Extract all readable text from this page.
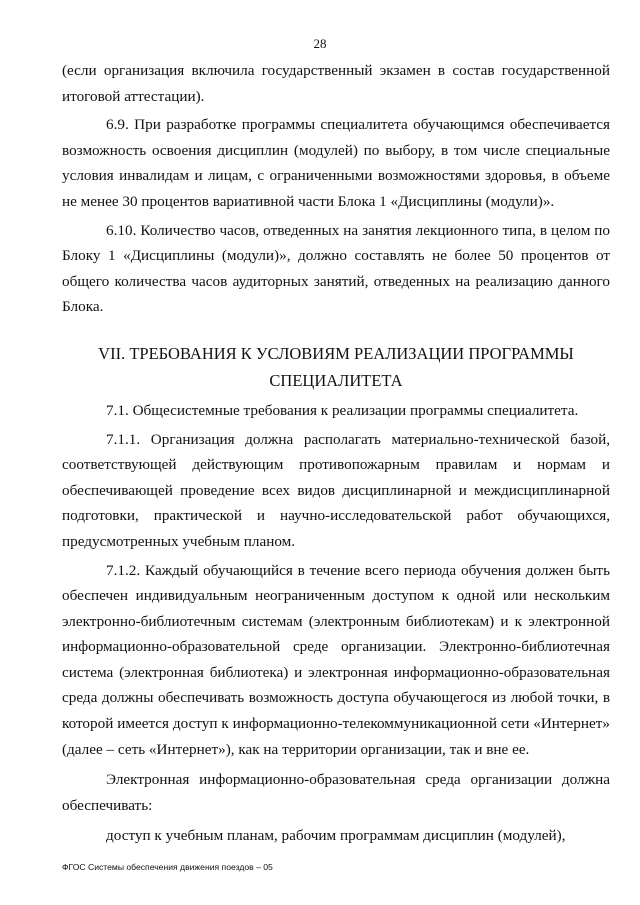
28

(если организация включила государственный экзамен в состав государственной итоговой аттестации).

6.9. При разработке программы специалитета обучающимся обеспечивается возможность освоения дисциплин (модулей) по выбору, в том числе специальные условия инвалидам и лицам, с ограниченными возможностями здоровья, в объеме не менее 30 процентов вариативной части Блока 1 «Дисциплины (модули)».

6.10. Количество часов, отведенных на занятия лекционного типа, в целом по Блоку 1 «Дисциплины (модули)», должно составлять не более 50 процентов от общего количества часов аудиторных занятий, отведенных на реализацию данного Блока.

VII. ТРЕБОВАНИЯ К УСЛОВИЯМ РЕАЛИЗАЦИИ ПРОГРАММЫ
СПЕЦИАЛИТЕТА

7.1. Общесистемные требования к реализации программы специалитета.

7.1.1. Организация должна располагать материально-технической базой, соответствующей действующим противопожарным правилам и нормам и обеспечивающей проведение всех видов дисциплинарной и междисциплинарной подготовки, практической и научно-исследовательской работ обучающихся, предусмотренных учебным планом.

7.1.2. Каждый обучающийся в течение всего периода обучения должен быть обеспечен индивидуальным неограниченным доступом к одной или нескольким электронно-библиотечным системам (электронным библиотекам) и к электронной информационно-образовательной среде организации. Электронно-библиотечная система (электронная библиотека) и электронная информационно-образовательная среда должны обеспечивать возможность доступа обучающегося из любой точки, в которой имеется доступ к информационно-телекоммуникационной сети «Интернет» (далее – сеть «Интернет»), как на территории организации, так и вне ее.

Электронная информационно-образовательная среда организации должна обеспечивать:

доступ к учебным планам, рабочим программам дисциплин (модулей),

ФГОС Системы обеспечения движения поездов – 05
